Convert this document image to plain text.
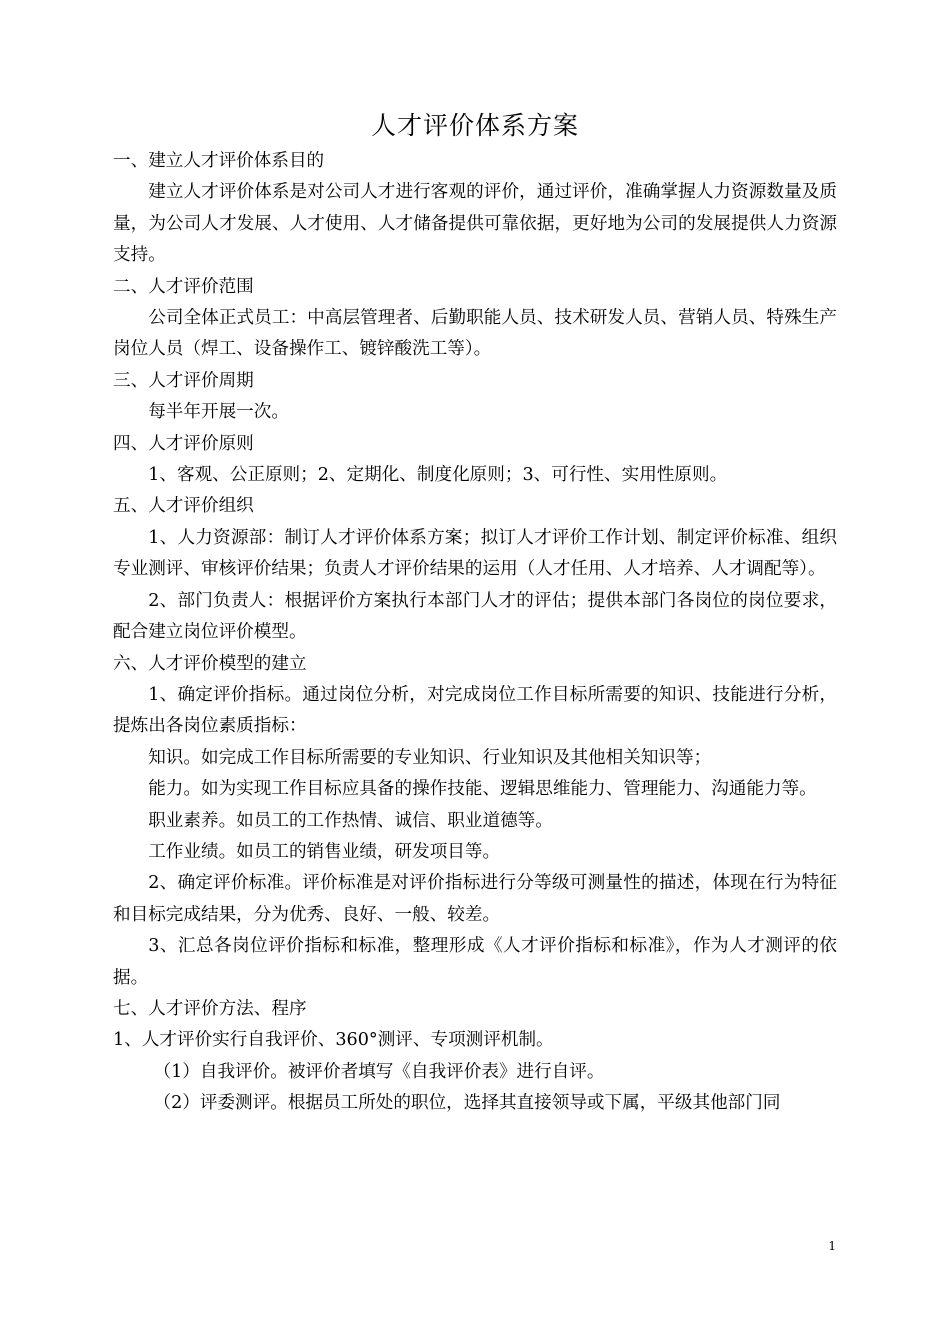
人才评价体系方案

一、建立人才评价体系目的

建立人才评价体系是对公司人才进行客观的评价，通过评价，准确掌握人力资源数量及质量，为公司人才发展、人才使用、人才储备提供可靠依据，更好地为公司的发展提供人力资源支持。

二、人才评价范围

公司全体正式员工：中高层管理者、后勤职能人员、技术研发人员、营销人员、特殊生产岗位人员（焊工、设备操作工、镀锌酸洗工等）。

三、人才评价周期

每半年开展一次。

四、人才评价原则

1、客观、公正原则；2、定期化、制度化原则；3、可行性、实用性原则。

五、人才评价组织

1、人力资源部：制订人才评价体系方案；拟订人才评价工作计划、制定评价标准、组织专业测评、审核评价结果；负责人才评价结果的运用（人才任用、人才培养、人才调配等）。

2、部门负责人：根据评价方案执行本部门人才的评估；提供本部门各岗位的岗位要求，配合建立岗位评价模型。

六、人才评价模型的建立

1、确定评价指标。通过岗位分析，对完成岗位工作目标所需要的知识、技能进行分析，提炼出各岗位素质指标：

知识。如完成工作目标所需要的专业知识、行业知识及其他相关知识等；

能力。如为实现工作目标应具备的操作技能、逻辑思维能力、管理能力、沟通能力等。

职业素养。如员工的工作热情、诚信、职业道德等。

工作业绩。如员工的销售业绩，研发项目等。

2、确定评价标准。评价标准是对评价指标进行分等级可测量性的描述，体现在行为特征和目标完成结果，分为优秀、良好、一般、较差。

3、汇总各岗位评价指标和标准，整理形成《人才评价指标和标准》，作为人才测评的依据。

七、人才评价方法、程序

1、人才评价实行自我评价、360°测评、专项测评机制。

（1）自我评价。被评价者填写《自我评价表》进行自评。

（2）评委测评。根据员工所处的职位，选择其直接领导或下属，平级其他部门同

1
